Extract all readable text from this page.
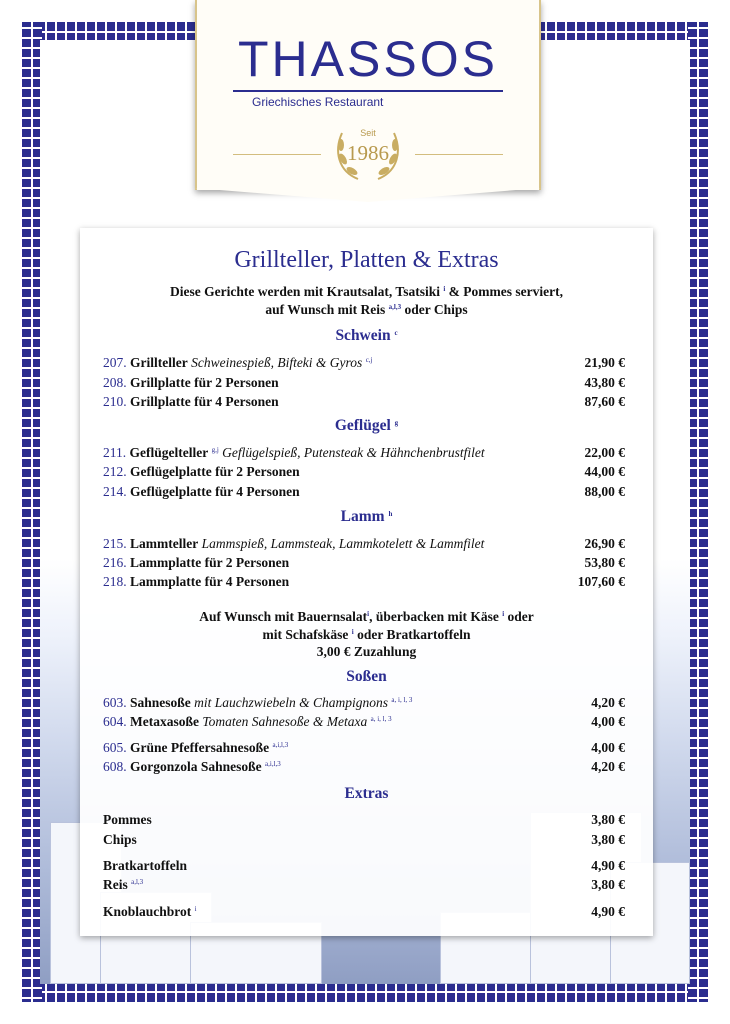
THASSOS
Griechisches Restaurant
Seit
1986
Grillteller, Platten & Extras
Diese Gerichte werden mit Krautsalat, Tsatsiki $^i$ & Pommes serviert,
auf Wunsch mit Reis $^{a,l,3}$ oder Chips
Schwein $^c$
207. Grillteller Schweinespieß, Bifteki & Gyros $^{c,j}$	21,90 €
208. Grillplatte für 2 Personen	43,80 €
210. Grillplatte für 4 Personen	87,60 €
Geflügel $^g$
211. Geflügelteller $^{g,j}$ Geflügelspieß, Putensteak & Hähnchenbrustfilet	22,00 €
212. Geflügelplatte für 2 Personen	44,00 €
214. Geflügelplatte für 4 Personen	88,00 €
Lamm $^h$
215. Lammteller Lammspieß, Lammsteak, Lammkotelett & Lammfilet	26,90 €
216. Lammplatte für 2 Personen	53,80 €
218. Lammplatte für 4 Personen	107,60 €
Auf Wunsch mit Bauernsalat$^i$, überbacken mit Käse $^i$ oder
mit Schafskäse $^i$ oder Bratkartoffeln
3,00 € Zuzahlung
Soßen
603. Sahnesoße mit Lauchzwiebeln & Champignons $^{a, i, l, 3}$	4,20 €
604. Metaxasoße Tomaten Sahnesoße & Metaxa $^{a, i, l, 3}$	4,00 €
605. Grüne Pfeffersahnesoße $^{a,i,l,3}$	4,00 €
608. Gorgonzola Sahnesoße $^{a,i,l,3}$	4,20 €
Extras
Pommes	3,80 €
Chips	3,80 €
Bratkartoffeln	4,90 €
Reis $^{a,l,3}$	3,80 €
Knoblauchbrot $^i$	4,90 €
